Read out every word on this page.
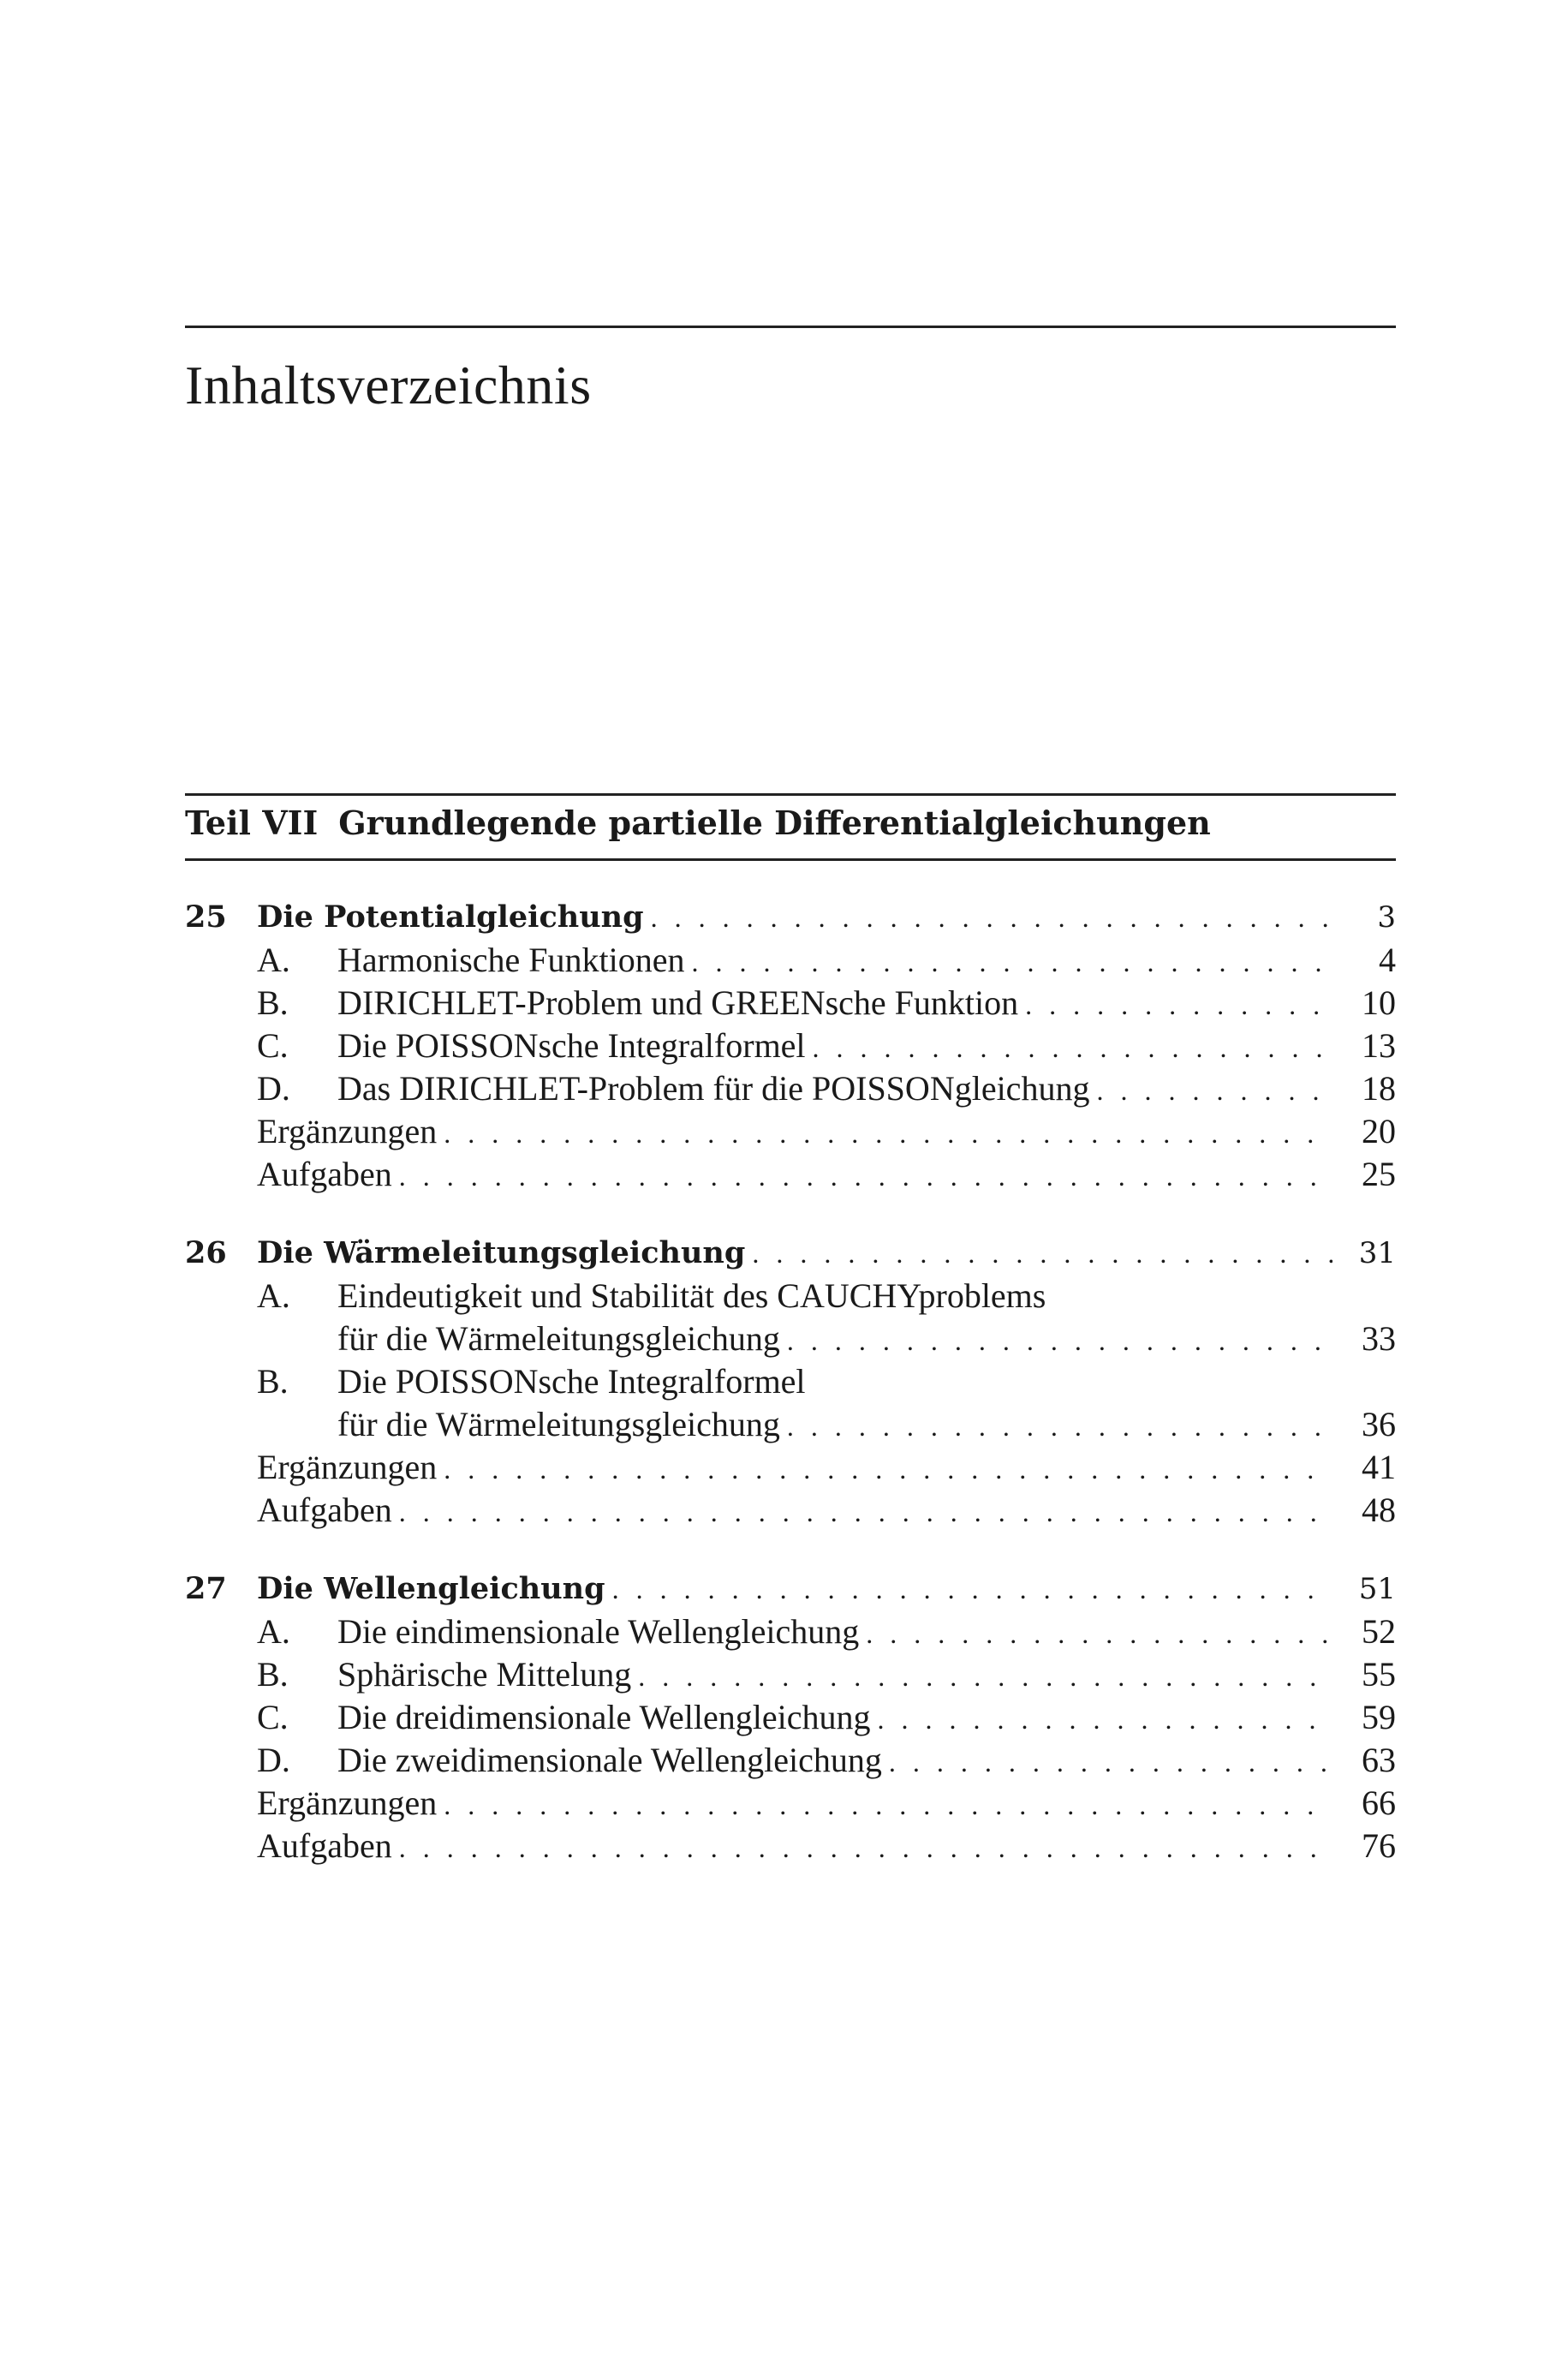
Inhaltsverzeichnis
Teil VII Grundlegende partielle Differentialgleichungen
25	Die Potentialgleichung . . .	3
A.	Harmonische Funktionen . . .	4
B.	DIRICHLET-Problem und GREENsche Funktion . . .	10
C.	Die POISSONsche Integralformel . . .	13
D.	Das DIRICHLET-Problem für die POISSONgleichung . . .	18
Ergänzungen . . .	20
Aufgaben . . .	25
26	Die Wärmeleitungsgleichung . . .	31
A.	Eindeutigkeit und Stabilität des CAUCHYproblems
für die Wärmeleitungsgleichung . . .	33
B.	Die POISSONsche Integralformel
für die Wärmeleitungsgleichung . . .	36
Ergänzungen . . .	41
Aufgaben . . .	48
27	Die Wellengleichung . . .	51
A.	Die eindimensionale Wellengleichung . . .	52
B.	Sphärische Mittelung . . .	55
C.	Die dreidimensionale Wellengleichung . . .	59
D.	Die zweidimensionale Wellengleichung . . .	63
Ergänzungen . . .	66
Aufgaben . . .	76
